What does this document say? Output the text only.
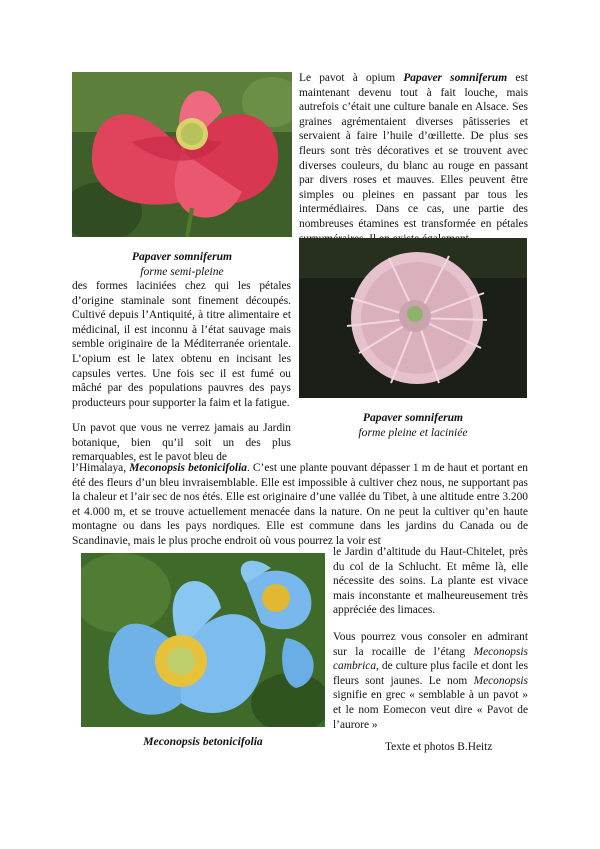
Le pavot à opium Papaver somniferum est maintenant devenu tout à fait louche, mais autrefois c’était une culture banale en Alsace. Ses graines agrémentaient diverses pâtisseries et servaient à faire l’huile d’œillette. De plus ses fleurs sont très décoratives et se trouvent avec diverses couleurs, du blanc au rouge en passant par divers roses et mauves. Elles peuvent être simples ou pleines en passant par tous les intermédiaires. Dans ce cas, une partie des nombreuses étamines est transformée en pétales

Papaver somniferum
forme semi-pleine

des formes laciniées chez qui les pétales d’origine staminale sont finement découpés. Cultivé depuis l’Antiquité, à titre alimentaire et médicinal, il est inconnu à l’état sauvage mais semble originaire de la Méditerranée orientale. L’opium est le latex obtenu en incisant les capsules vertes. Une fois sec il est fumé ou mâché par des populations pauvres des pays producteurs pour supporter la faim et la fatigue.

Un pavot que vous ne verrez jamais au Jardin botanique, bien qu’il soit un des plus remarquables, est le pavot bleu de

Papaver somniferum
forme pleine et laciniée

l’Himalaya, Meconopsis betonicifolia. C’est une plante pouvant dépasser 1 m de haut et portant en été des fleurs d’un bleu invraisemblable. Elle est impossible à cultiver chez nous, ne supportant pas la chaleur et l’air sec de nos étés. Elle est originaire d’une vallée du Tibet, à une altitude entre 3.200 et 4.000 m, et se trouve actuellement menacée dans la nature. On ne peut la cultiver qu’en haute montagne ou dans les pays nordiques. Elle est commune dans les jardins du Canada ou de Scandinavie, mais le plus proche endroit où vous pourrez la voir est

Meconopsis betonicifolia

le Jardin d’altitude du Haut-Chitelet, près du col de la Schlucht. Et même là, elle nécessite des soins. La plante est vivace mais inconstante et malheureusement très appréciée des limaces.

Vous pourrez vous consoler en admirant sur la rocaille de l’étang Meconopsis cambrica, de culture plus facile et dont les fleurs sont jaunes. Le nom Meconopsis signifie en grec « semblable à un pavot » et le nom Eomecon veut dire « Pavot de l’aurore »

Texte et photos B.Heitz
